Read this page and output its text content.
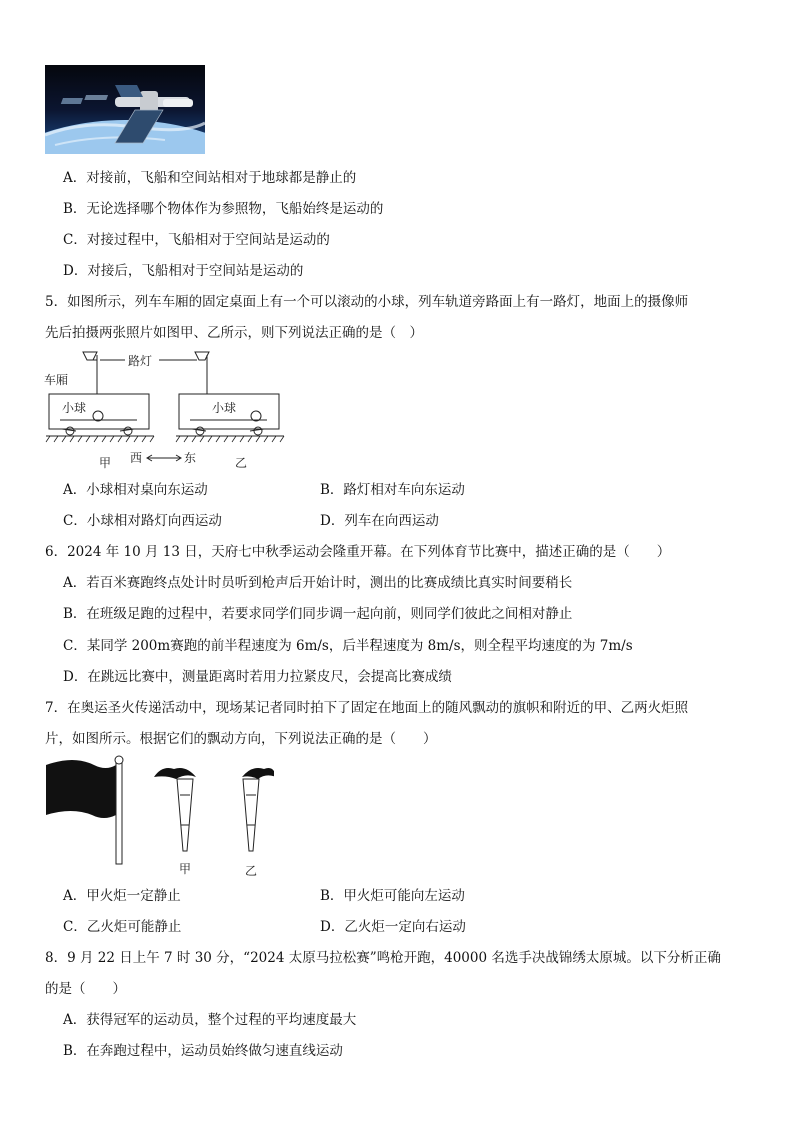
A．对接前，飞船和空间站相对于地球都是静止的
B．无论选择哪个物体作为参照物，飞船始终是运动的
C．对接过程中，飞船相对于空间站是运动的
D．对接后，飞船相对于空间站是运动的
5．如图所示，列车车厢的固定桌面上有一个可以滚动的小球，列车轨道旁路面上有一路灯，地面上的摄像师
先后拍摄两张照片如图甲、乙所示，则下列说法正确的是（　）
路灯
车厢
小球	小球
西	东
甲	乙
A．小球相对桌向东运动	B．路灯相对车向东运动
C．小球相对路灯向西运动	D．列车在向西运动
6．2024 年 10 月 13 日，天府七中秋季运动会隆重开幕。在下列体育节比赛中，描述正确的是（　　）
A．若百米赛跑终点处计时员听到枪声后开始计时，测出的比赛成绩比真实时间要稍长
B．在班级足跑的过程中，若要求同学们同步调一起向前，则同学们彼此之间相对静止
C．某同学 200m赛跑的前半程速度为 6m/s，后半程速度为 8m/s，则全程平均速度的为 7m/s
D．在跳远比赛中，测量距离时若用力拉紧皮尺，会提高比赛成绩
7．在奥运圣火传递活动中，现场某记者同时拍下了固定在地面上的随风飘动的旗帜和附近的甲、乙两火炬照
片，如图所示。根据它们的飘动方向，下列说法正确的是（　　）
甲	乙
A．甲火炬一定静止	B．甲火炬可能向左运动
C．乙火炬可能静止	D．乙火炬一定向右运动
8．9 月 22 日上午 7 时 30 分，“2024 太原马拉松赛”鸣枪开跑，40000 名选手决战锦绣太原城。以下分析正确
的是（　　）
A．获得冠军的运动员，整个过程的平均速度最大
B．在奔跑过程中，运动员始终做匀速直线运动
